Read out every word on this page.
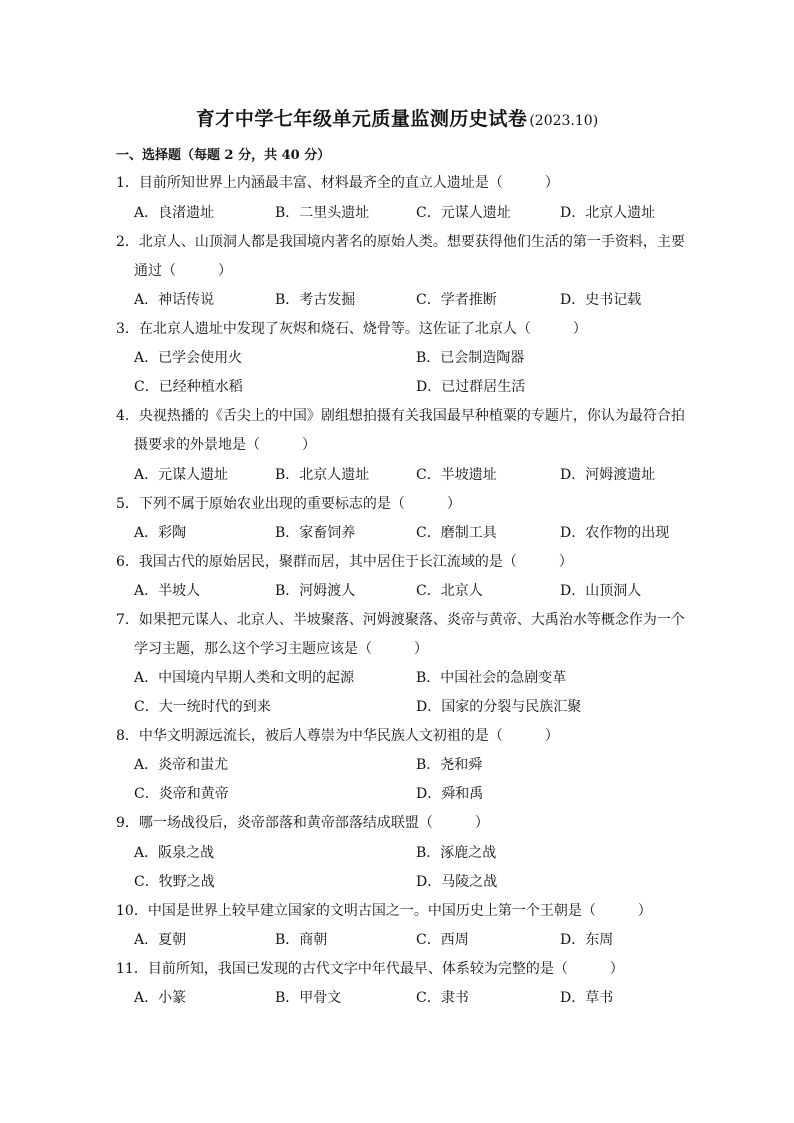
育才中学七年级单元质量监测历史试卷 (2023.10)
一、选择题（每题 2 分，共 40 分）
1．目前所知世界上内涵最丰富、材料最齐全的直立人遗址是（　　　）
A．良渚遗址	B．二里头遗址	C．元谋人遗址	D．北京人遗址
2．北京人、山顶洞人都是我国境内著名的原始人类。想要获得他们生活的第一手资料，主要
通过（　　　）
A．神话传说	B．考古发掘	C．学者推断	D．史书记载
3．在北京人遗址中发现了灰烬和烧石、烧骨等。这佐证了北京人（　　　）
A．已学会使用火	B．已会制造陶器
C．已经种植水稻	D．已过群居生活
4．央视热播的《舌尖上的中国》剧组想拍摄有关我国最早种植粟的专题片，你认为最符合拍
摄要求的外景地是（　　　）
A．元谋人遗址	B．北京人遗址	C．半坡遗址	D．河姆渡遗址
5．下列不属于原始农业出现的重要标志的是（　　　）
A．彩陶	B．家畜饲养	C．磨制工具	D．农作物的出现
6．我国古代的原始居民，聚群而居，其中居住于长江流域的是（　　　）
A．半坡人	B．河姆渡人	C．北京人	D．山顶洞人
7．如果把元谋人、北京人、半坡聚落、河姆渡聚落、炎帝与黄帝、大禹治水等概念作为一个
学习主题，那么这个学习主题应该是（　　　）
A．中国境内早期人类和文明的起源	B．中国社会的急剧变革
C．大一统时代的到来	D．国家的分裂与民族汇聚
8．中华文明源远流长，被后人尊崇为中华民族人文初祖的是（　　　）
A．炎帝和蚩尤	B．尧和舜
C．炎帝和黄帝	D．舜和禹
9．哪一场战役后，炎帝部落和黄帝部落结成联盟（　　　）
A．阪泉之战	B．涿鹿之战
C．牧野之战	D．马陵之战
10．中国是世界上较早建立国家的文明古国之一。中国历史上第一个王朝是（　　　）
A．夏朝	B．商朝	C．西周	D．东周
11．目前所知，我国已发现的古代文字中年代最早、体系较为完整的是（　　　）
A．小篆	B．甲骨文	C．隶书	D．草书
